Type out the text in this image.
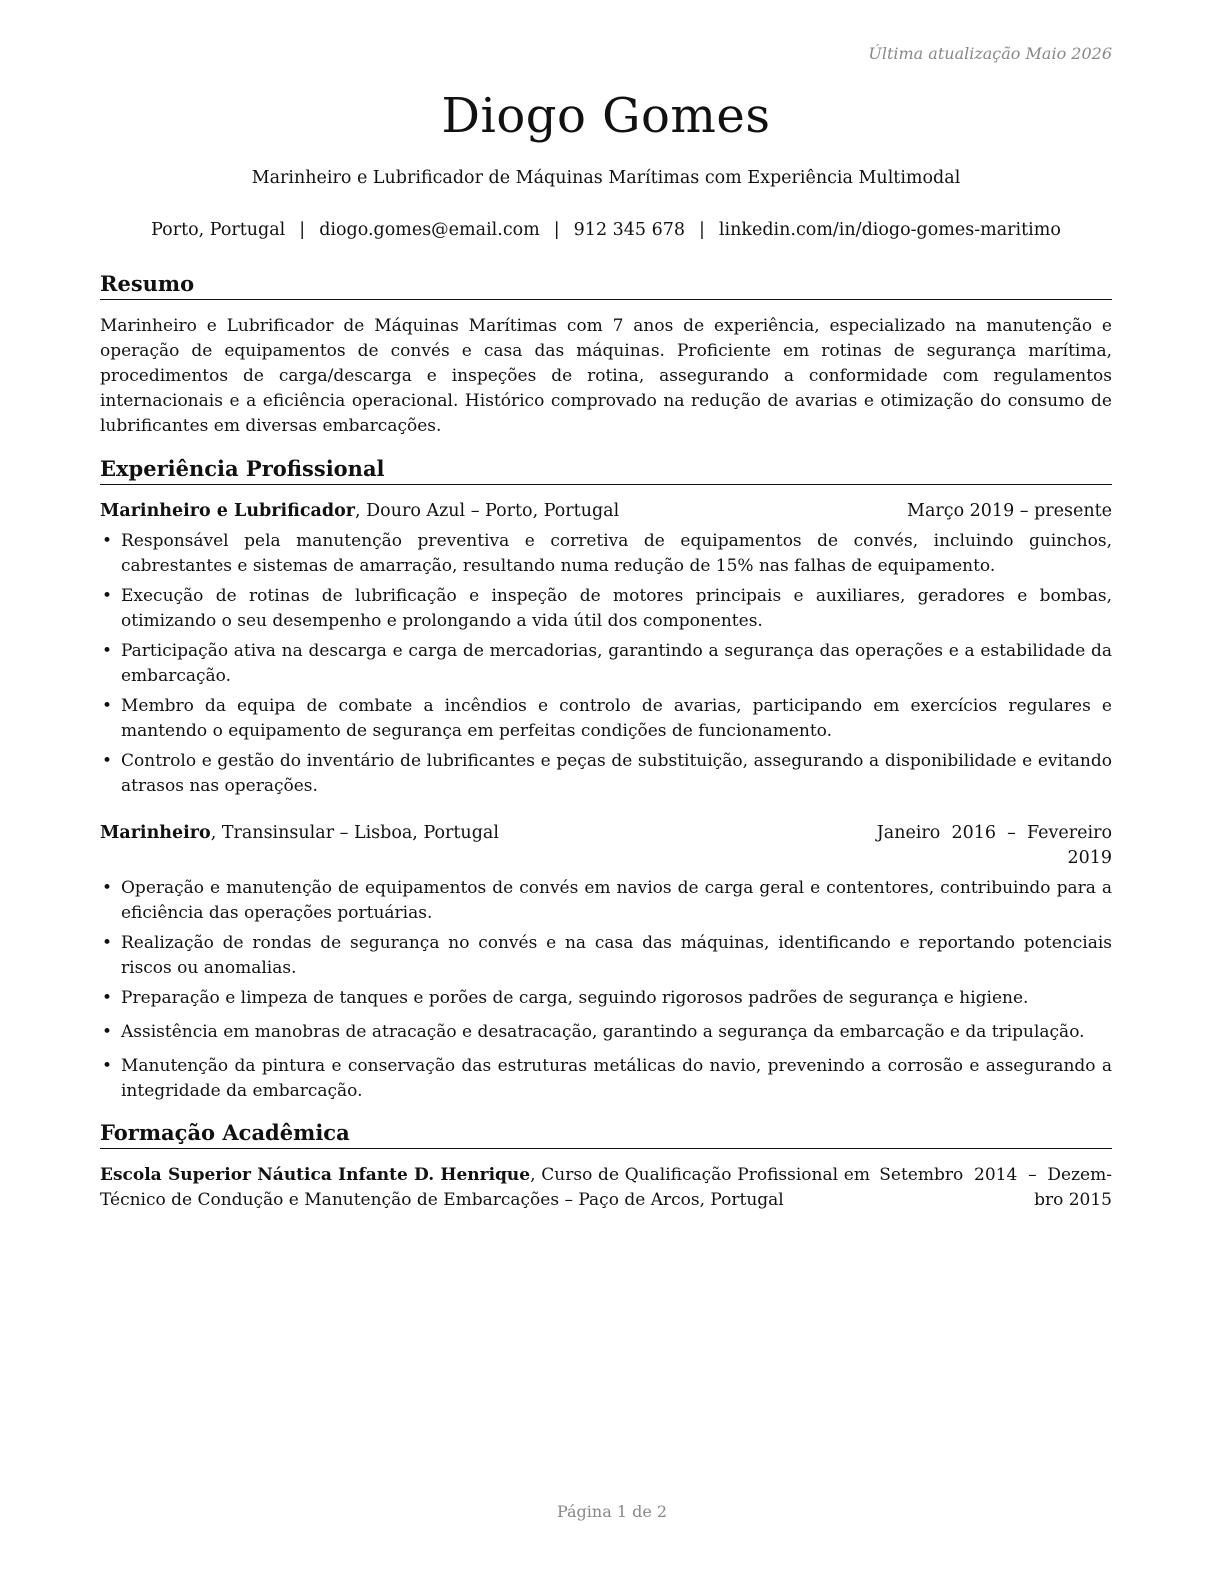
Última atualização Maio 2026
Diogo Gomes
Marinheiro e Lubrificador de Máquinas Marítimas com Experiência Multimodal
Porto, Portugal | diogo.gomes@email.com | 912 345 678 | linkedin.com/in/diogo-gomes-maritimo
Resumo

Marinheiro e Lubrificador de Máquinas Marítimas com 7 anos de experiência, especializado na manutenção e operação de equipamentos de convés e casa das máquinas. Proficiente em rotinas de segurança marítima, procedimentos de carga/descarga e inspeções de rotina, assegurando a conformidade com regulamentos internacionais e a eficiência operacional. Histórico comprovado na redução de avarias e otimização do consumo de lubrificantes em diversas embarcações.

Experiência Profissional
Marinheiro e Lubrificador, Douro Azul – Porto, Portugal	Março 2019 – presente
• Responsável pela manutenção preventiva e corretiva de equipamentos de convés, incluindo guinchos, cabrestantes e sistemas de amarração, resultando numa redução de 15% nas falhas de equipamento.
• Execução de rotinas de lubrificação e inspeção de motores principais e auxiliares, geradores e bombas, otimizando o seu desempenho e prolongando a vida útil dos componentes.
• Participação ativa na descarga e carga de mercadorias, garantindo a segurança das operações e a estabilidade da embarcação.
• Membro da equipa de combate a incêndios e controlo de avarias, participando em exercícios regulares e mantendo o equipamento de segurança em perfeitas condições de funcionamento.
• Controlo e gestão do inventário de lubrificantes e peças de substituição, assegurando a disponibilidade e evitando atrasos nas operações.
Marinheiro, Transinsular – Lisboa, Portugal	Janeiro  2016  –  Fevereiro
2019
• Operação e manutenção de equipamentos de convés em navios de carga geral e contentores, contribuindo para a eficiência das operações portuárias.
• Realização de rondas de segurança no convés e na casa das máquinas, identificando e reportando potenciais riscos ou anomalias.
• Preparação e limpeza de tanques e porões de carga, seguindo rigorosos padrões de segurança e higiene.
• Assistência em manobras de atracação e desatracação, garantindo a segurança da embarcação e da tripulação.
• Manutenção da pintura e conservação das estruturas metálicas do navio, prevenindo a corrosão e assegurando a integridade da embarcação.
Formação Acadêmica
Escola Superior Náutica Infante D. Henrique, Curso de Qualificação Profissional em Técnico de Condução e Manutenção de Embarcações – Paço de Arcos, Portugal
Setembro  2014  –  Dezem-
bro 2015
Página 1 de 2
